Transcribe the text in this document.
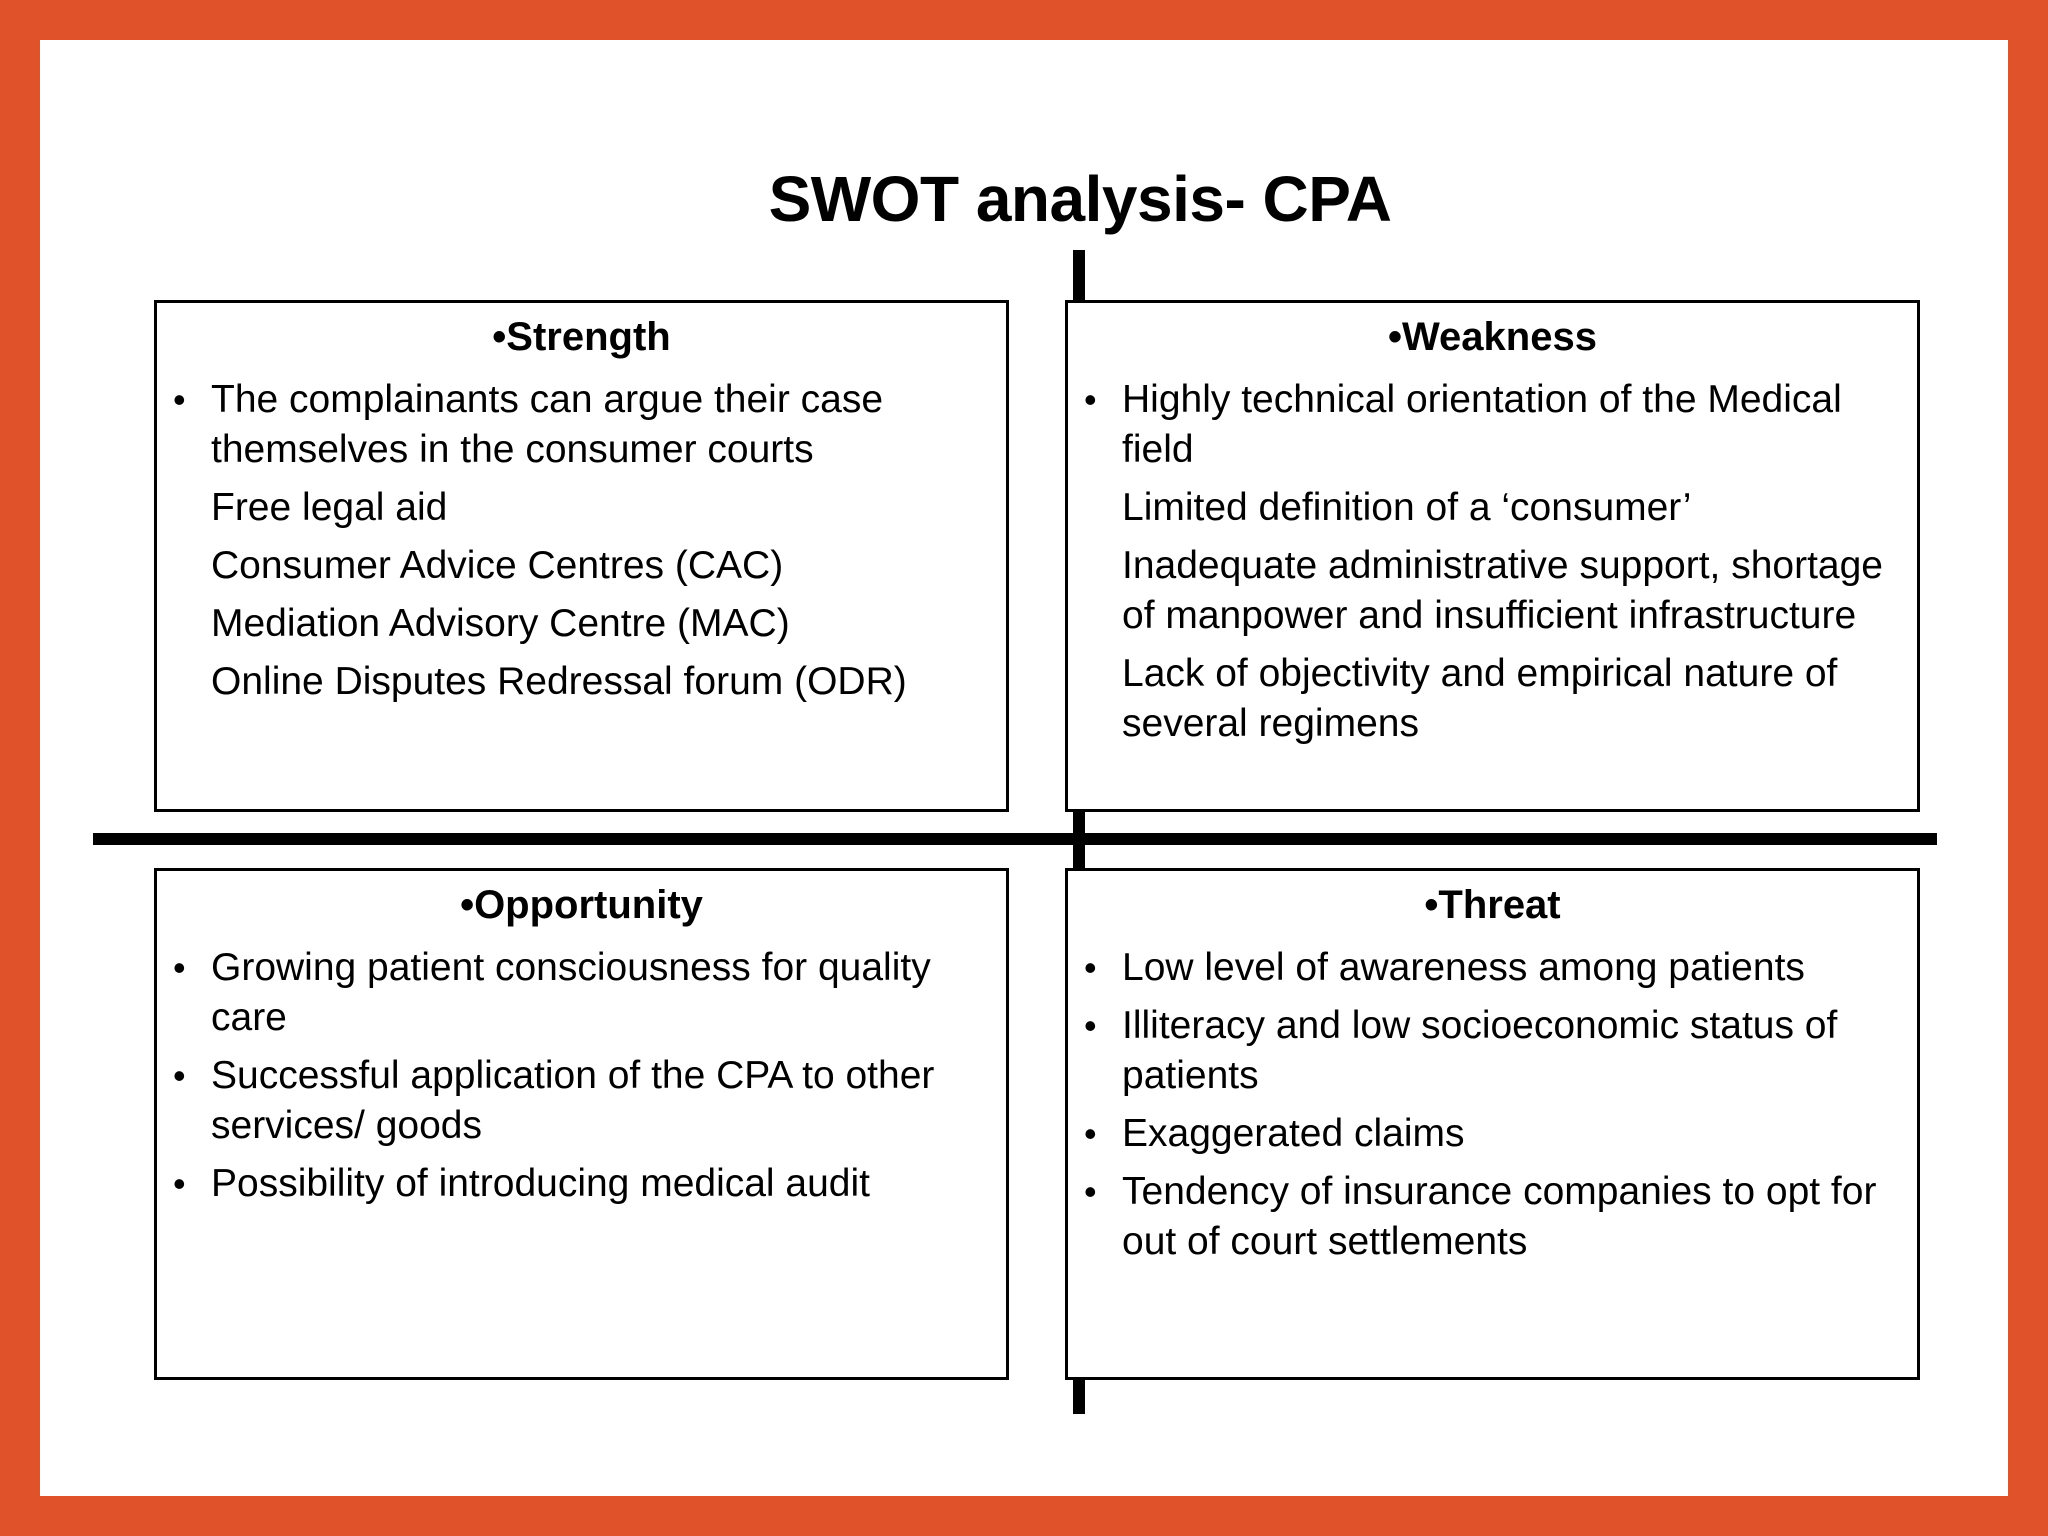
SWOT analysis- CPA
•Strength
• The complainants can argue their case themselves in the consumer courts
Free legal aid
Consumer Advice Centres (CAC)
Mediation Advisory Centre (MAC)
Online Disputes Redressal forum (ODR)
•Weakness
• Highly technical orientation of the Medical field
Limited definition of a ‘consumer’
Inadequate administrative support, shortage of manpower and insufficient infrastructure
Lack of objectivity and empirical nature of several regimens
•Opportunity
• Growing patient consciousness for quality care
• Successful application of the CPA to other services/ goods
• Possibility of introducing medical audit
•Threat
• Low level of awareness among patients
• Illiteracy and low socioeconomic status of patients
• Exaggerated claims
• Tendency of insurance companies to opt for out of court settlements
